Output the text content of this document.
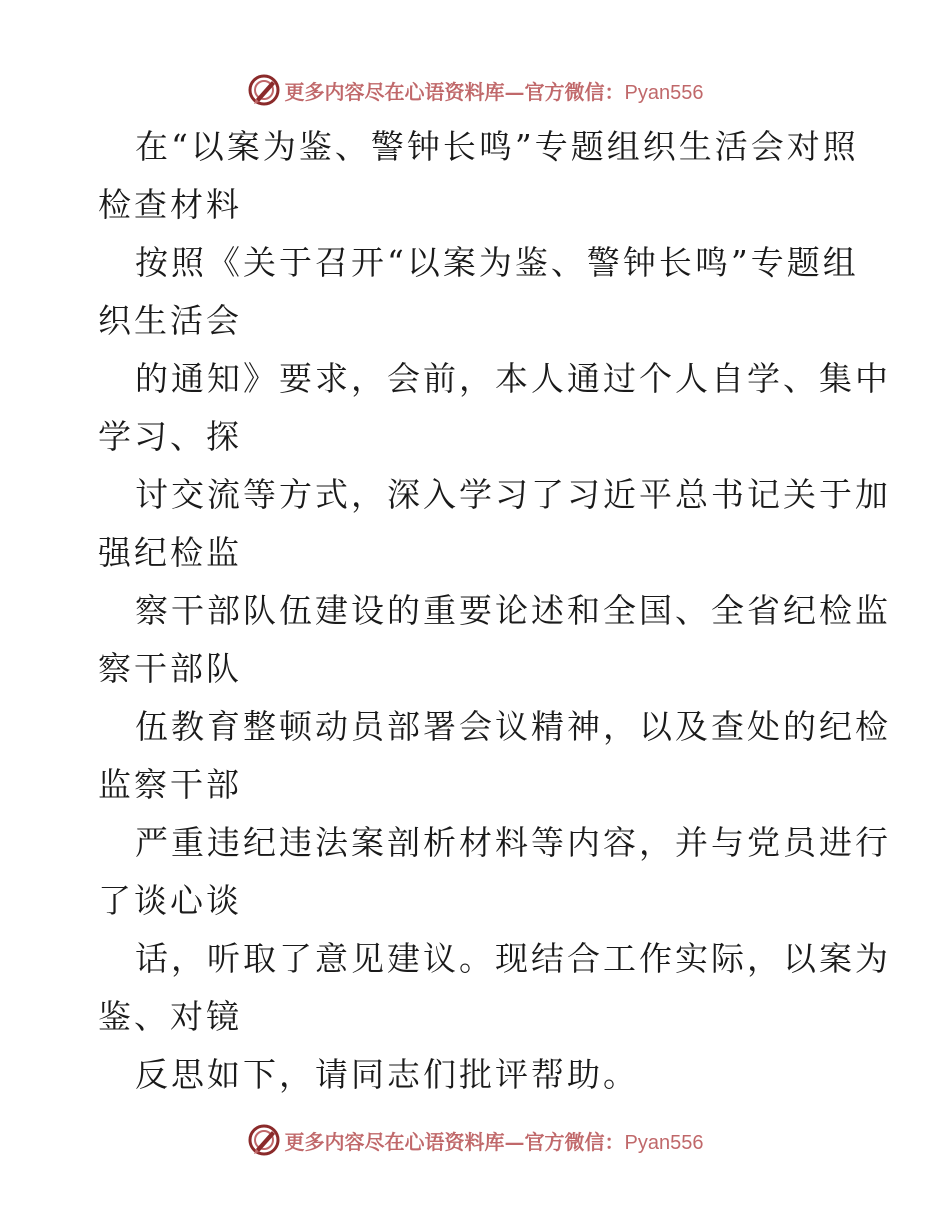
更多内容尽在心语资料库—官方微信：Pyan556
在“以案为鉴、警钟长鸣”专题组织生活会对照
检查材料
按照《关于召开“以案为鉴、警钟长鸣”专题组
织生活会
的通知》要求，会前，本人通过个人自学、集中
学习、探
讨交流等方式，深入学习了习近平总书记关于加
强纪检监
察干部队伍建设的重要论述和全国、全省纪检监
察干部队
伍教育整顿动员部署会议精神，以及查处的纪检
监察干部
严重违纪违法案剖析材料等内容，并与党员进行
了谈心谈
话，听取了意见建议。现结合工作实际，以案为
鉴、对镜
反思如下，请同志们批评帮助。
更多内容尽在心语资料库—官方微信：Pyan556
